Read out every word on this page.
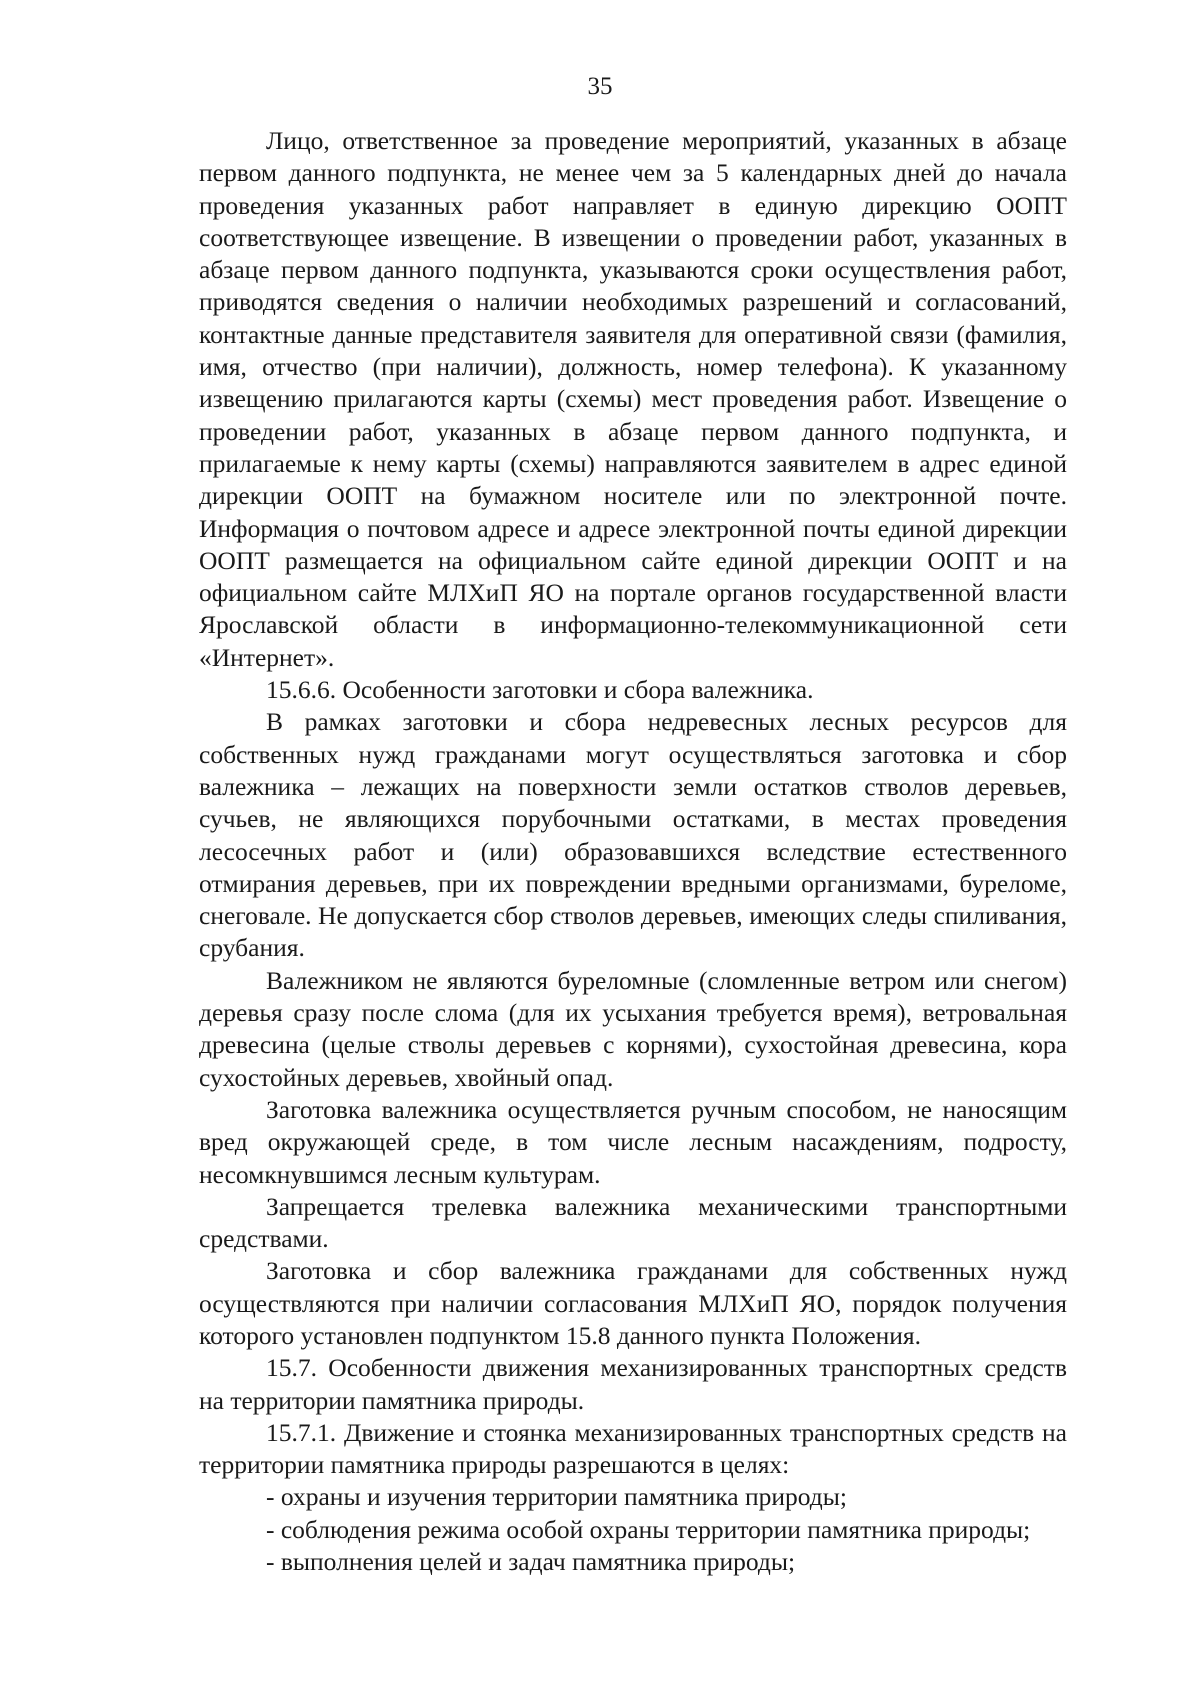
35

Лицо, ответственное за проведение мероприятий, указанных в абзаце первом данного подпункта, не менее чем за 5 календарных дней до начала проведения указанных работ направляет в единую дирекцию ООПТ соответствующее извещение. В извещении о проведении работ, указанных в абзаце первом данного подпункта, указываются сроки осуществления работ, приводятся сведения о наличии необходимых разрешений и согласований, контактные данные представителя заявителя для оперативной связи (фамилия, имя, отчество (при наличии), должность, номер телефона). К указанному извещению прилагаются карты (схемы) мест проведения работ. Извещение о проведении работ, указанных в абзаце первом данного подпункта, и прилагаемые к нему карты (схемы) направляются заявителем в адрес единой дирекции ООПТ на бумажном носителе или по электронной почте. Информация о почтовом адресе и адресе электронной почты единой дирекции ООПТ размещается на официальном сайте единой дирекции ООПТ и на официальном сайте МЛХиП ЯО на портале органов государственной власти Ярославской области в информационно-телекоммуникационной сети «Интернет».

15.6.6. Особенности заготовки и сбора валежника.

В рамках заготовки и сбора недревесных лесных ресурсов для собственных нужд гражданами могут осуществляться заготовка и сбор валежника – лежащих на поверхности земли остатков стволов деревьев, сучьев, не являющихся порубочными остатками, в местах проведения лесосечных работ и (или) образовавшихся вследствие естественного отмирания деревьев, при их повреждении вредными организмами, буреломе, снеговале. Не допускается сбор стволов деревьев, имеющих следы спиливания, срубания.

Валежником не являются буреломные (сломленные ветром или снегом) деревья сразу после слома (для их усыхания требуется время), ветровальная древесина (целые стволы деревьев с корнями), сухостойная древесина, кора сухостойных деревьев, хвойный опад.

Заготовка валежника осуществляется ручным способом, не наносящим вред окружающей среде, в том числе лесным насаждениям, подросту, несомкнувшимся лесным культурам.

Запрещается трелевка валежника механическими транспортными средствами.

Заготовка и сбор валежника гражданами для собственных нужд осуществляются при наличии согласования МЛХиП ЯО, порядок получения которого установлен подпунктом 15.8 данного пункта Положения.

15.7. Особенности движения механизированных транспортных средств на территории памятника природы.

15.7.1. Движение и стоянка механизированных транспортных средств на территории памятника природы разрешаются в целях:

- охраны и изучения территории памятника природы;

- соблюдения режима особой охраны территории памятника природы;

- выполнения целей и задач памятника природы;
